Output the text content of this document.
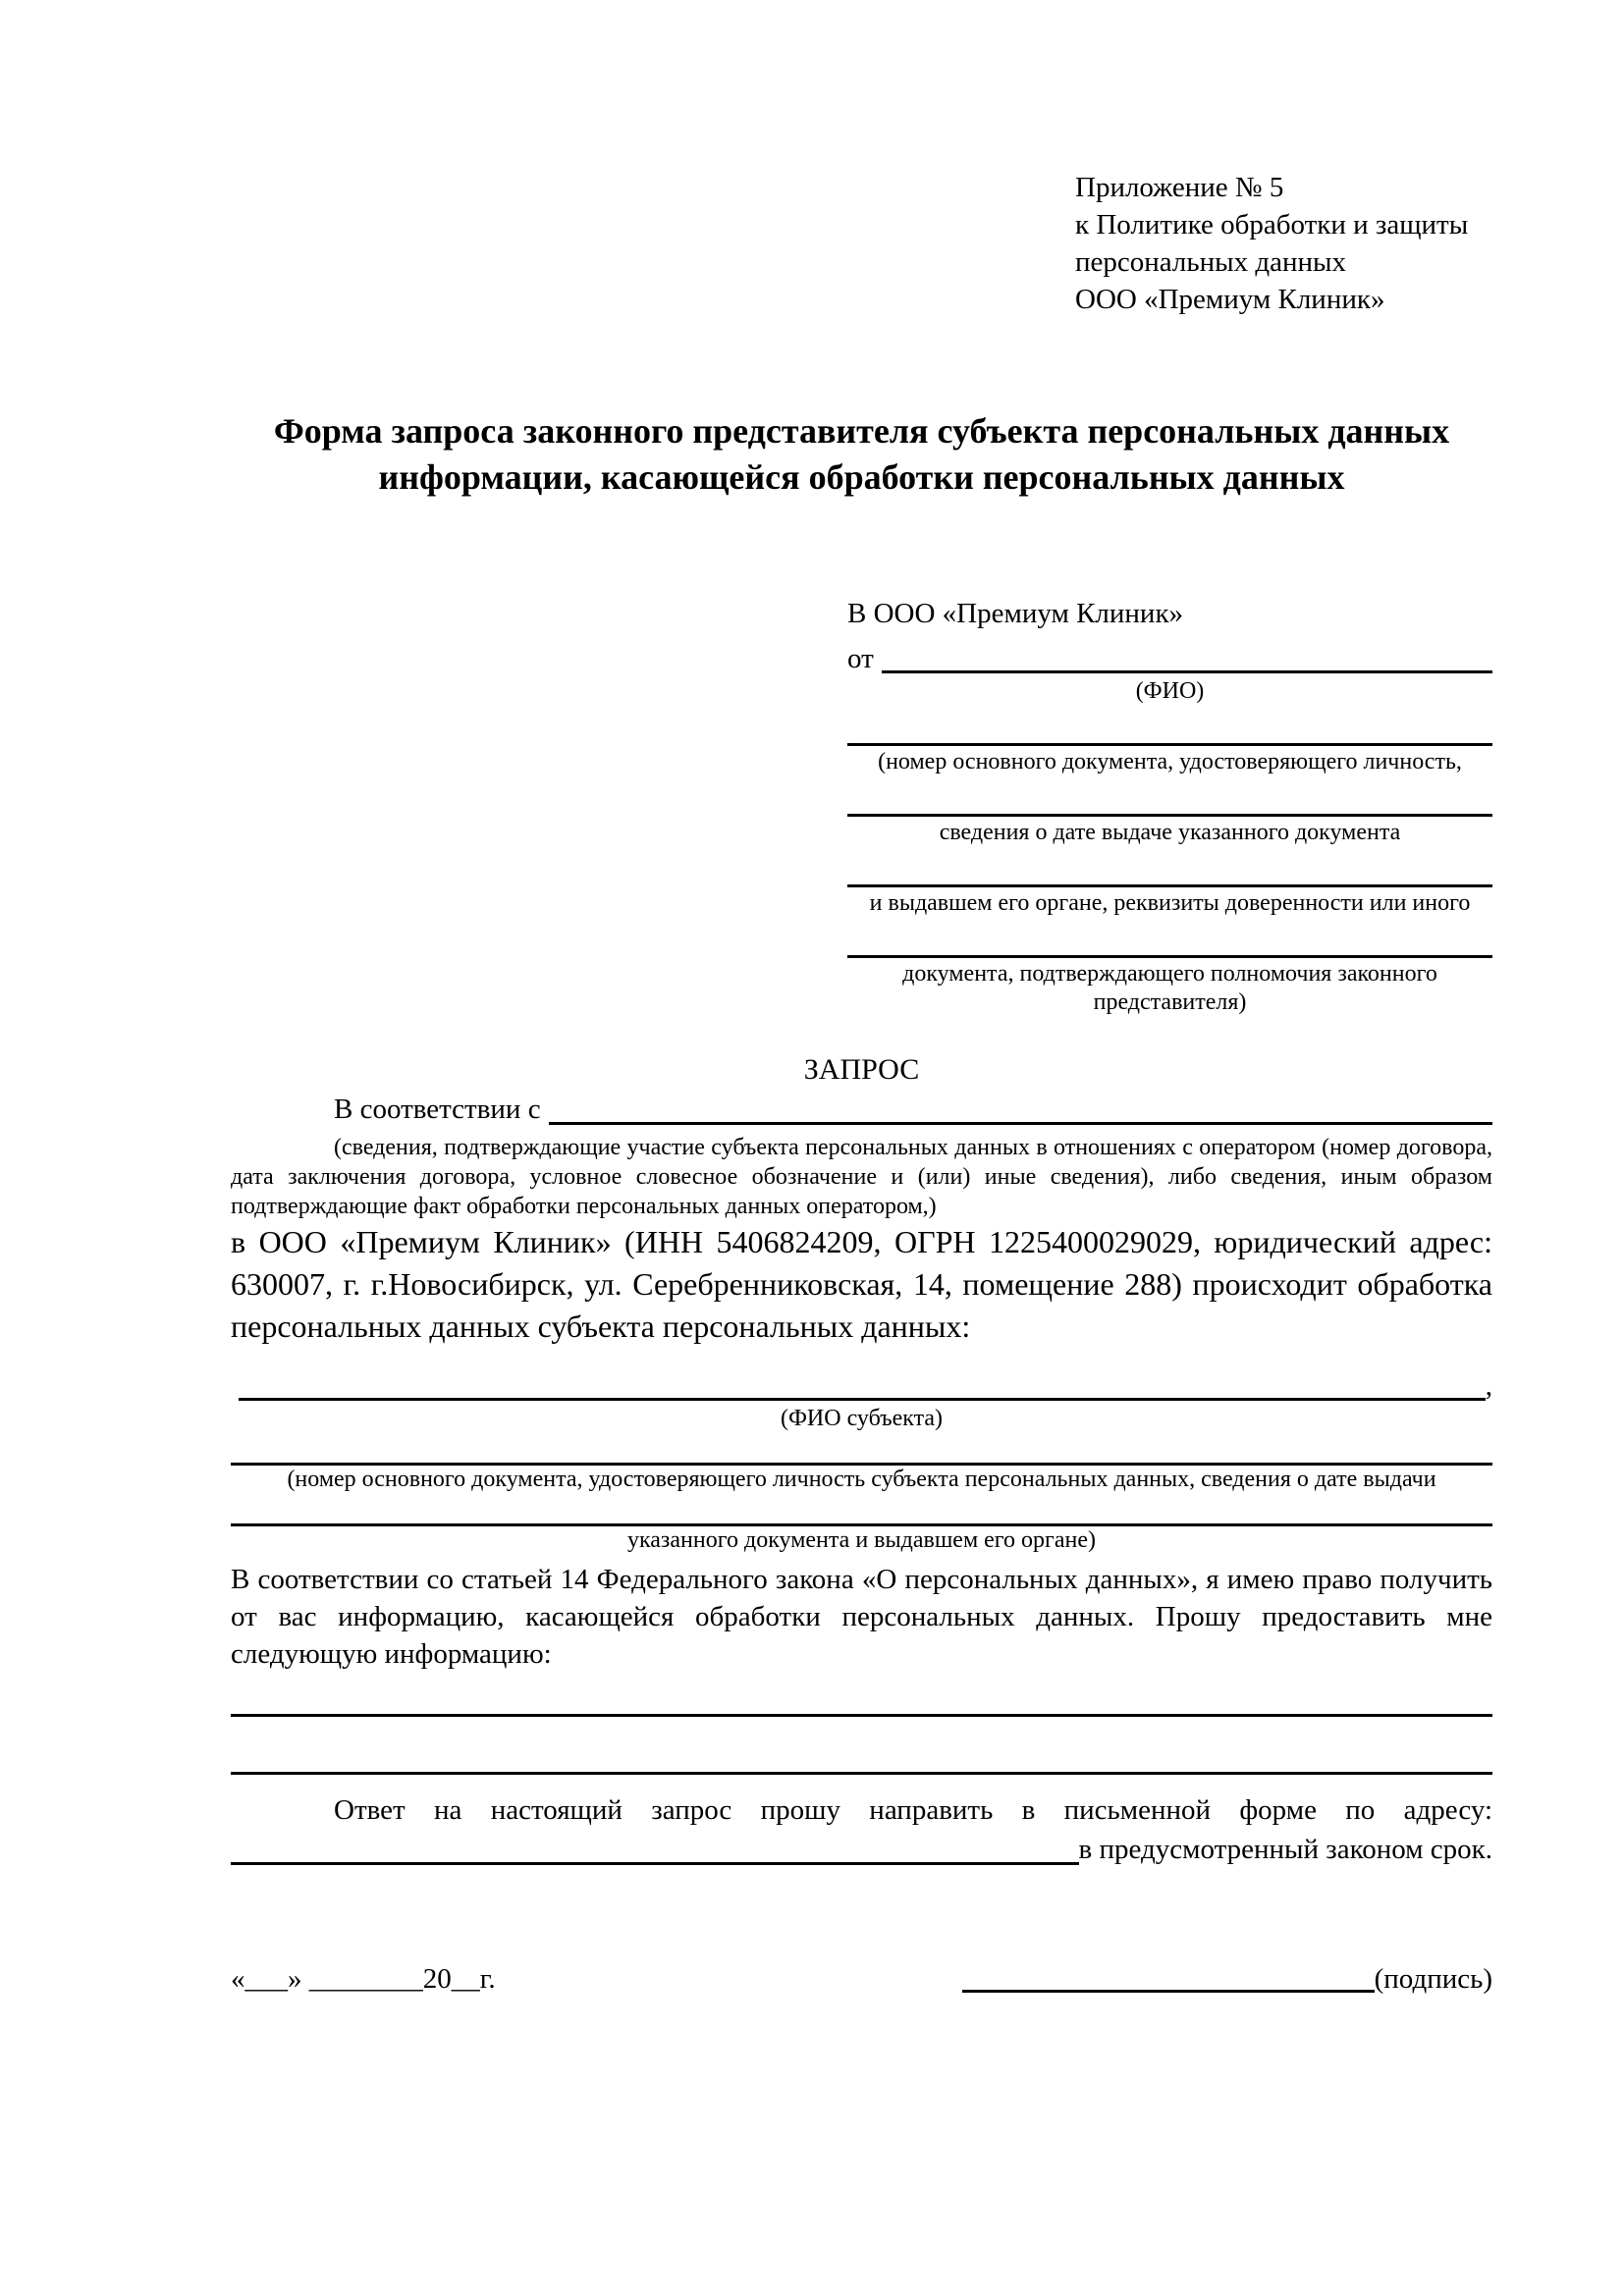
Приложение № 5
к Политике обработки и защиты
персональных данных
ООО «Премиум Клиник»
Форма запроса законного представителя субъекта персональных данных информации, касающейся обработки персональных данных
В ООО «Премиум Клиник»
от
(ФИО)
(номер основного документа, удостоверяющего личность,
сведения о дате выдаче указанного документа
и выдавшем его органе, реквизиты доверенности или иного
документа, подтверждающего полномочия законного представителя)
ЗАПРОС
В соответствии с
(сведения, подтверждающие участие субъекта персональных данных в отношениях с оператором (номер договора, дата заключения договора, условное словесное обозначение и (или) иные сведения), либо сведения, иным образом подтверждающие факт обработки персональных данных оператором,)
в ООО «Премиум Клиник» (ИНН 5406824209, ОГРН 1225400029029, юридический адрес: 630007, г. г.Новосибирск, ул. Серебренниковская, 14, помещение 288) происходит обработка персональных данных субъекта персональных данных:
,
(ФИО субъекта)
(номер основного документа, удостоверяющего личность субъекта персональных данных, сведения о дате выдачи
указанного документа и выдавшем его органе)
В соответствии со статьей 14 Федерального закона «О персональных данных», я имею право получить от вас информацию, касающейся обработки персональных данных. Прошу предоставить мне следующую информацию:
Ответ на настоящий запрос прошу направить в письменной форме по адресу:
в предусмотренный законом срок.
«___» ________20__г.	(подпись)
